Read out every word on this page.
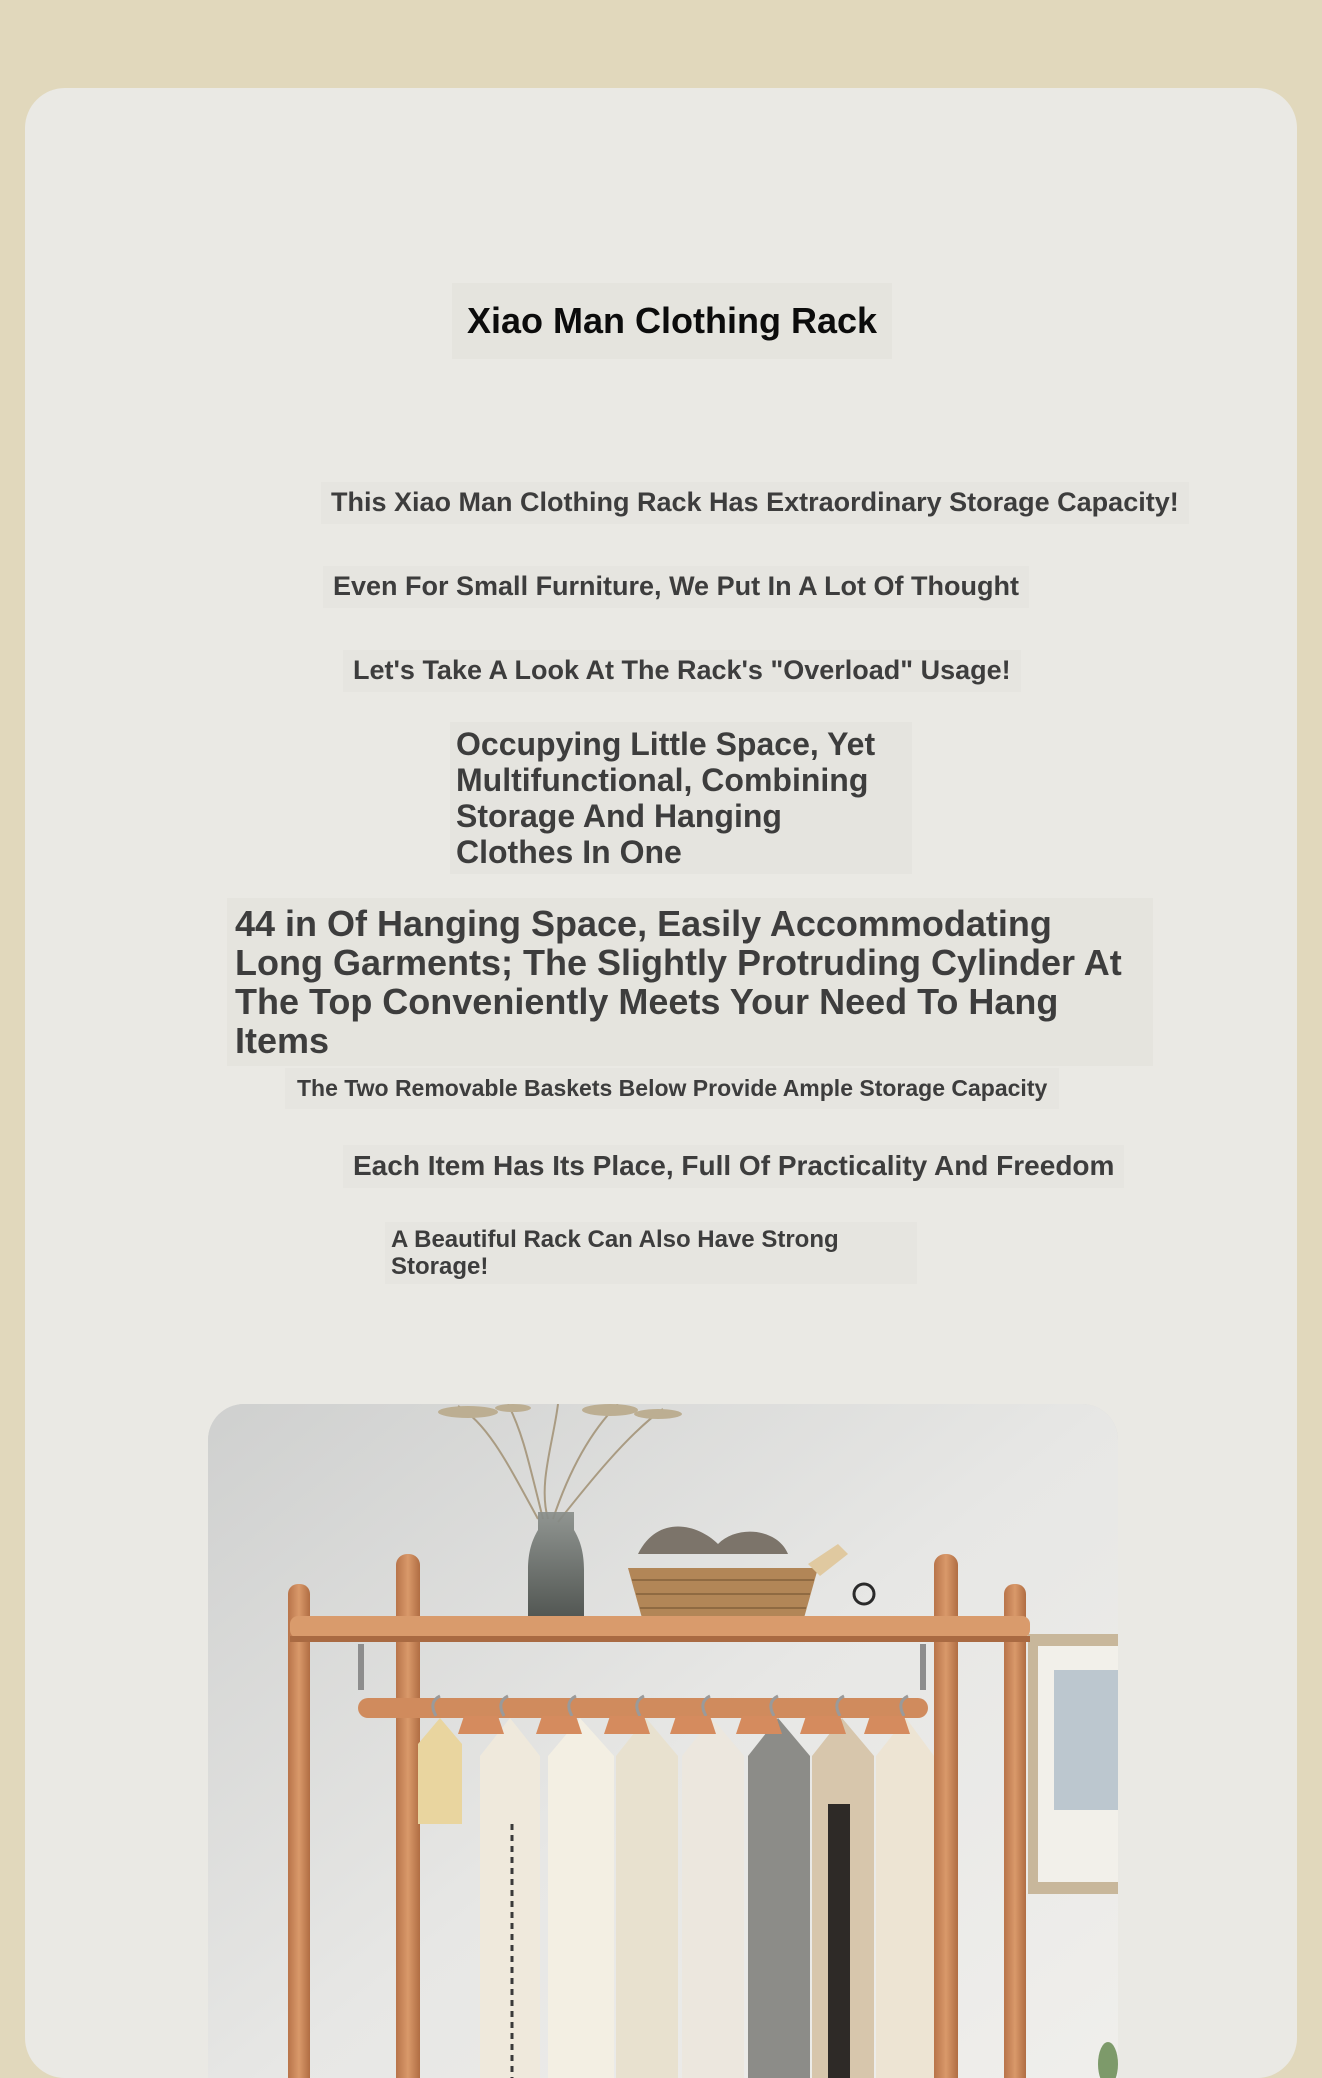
Xiao Man Clothing Rack

This Xiao Man Clothing Rack Has Extraordinary Storage Capacity!

Even For Small Furniture, We Put In A Lot Of Thought

Let's Take A Look At The Rack's "Overload" Usage!

Occupying Little Space, Yet Multifunctional, Combining Storage And Hanging Clothes In One

44 in Of Hanging Space, Easily Accommodating Long Garments; The Slightly Protruding Cylinder At The Top Conveniently Meets Your Need To Hang Items

The Two Removable Baskets Below Provide Ample Storage Capacity

Each Item Has Its Place, Full Of Practicality And Freedom

A Beautiful Rack Can Also Have Strong Storage!
